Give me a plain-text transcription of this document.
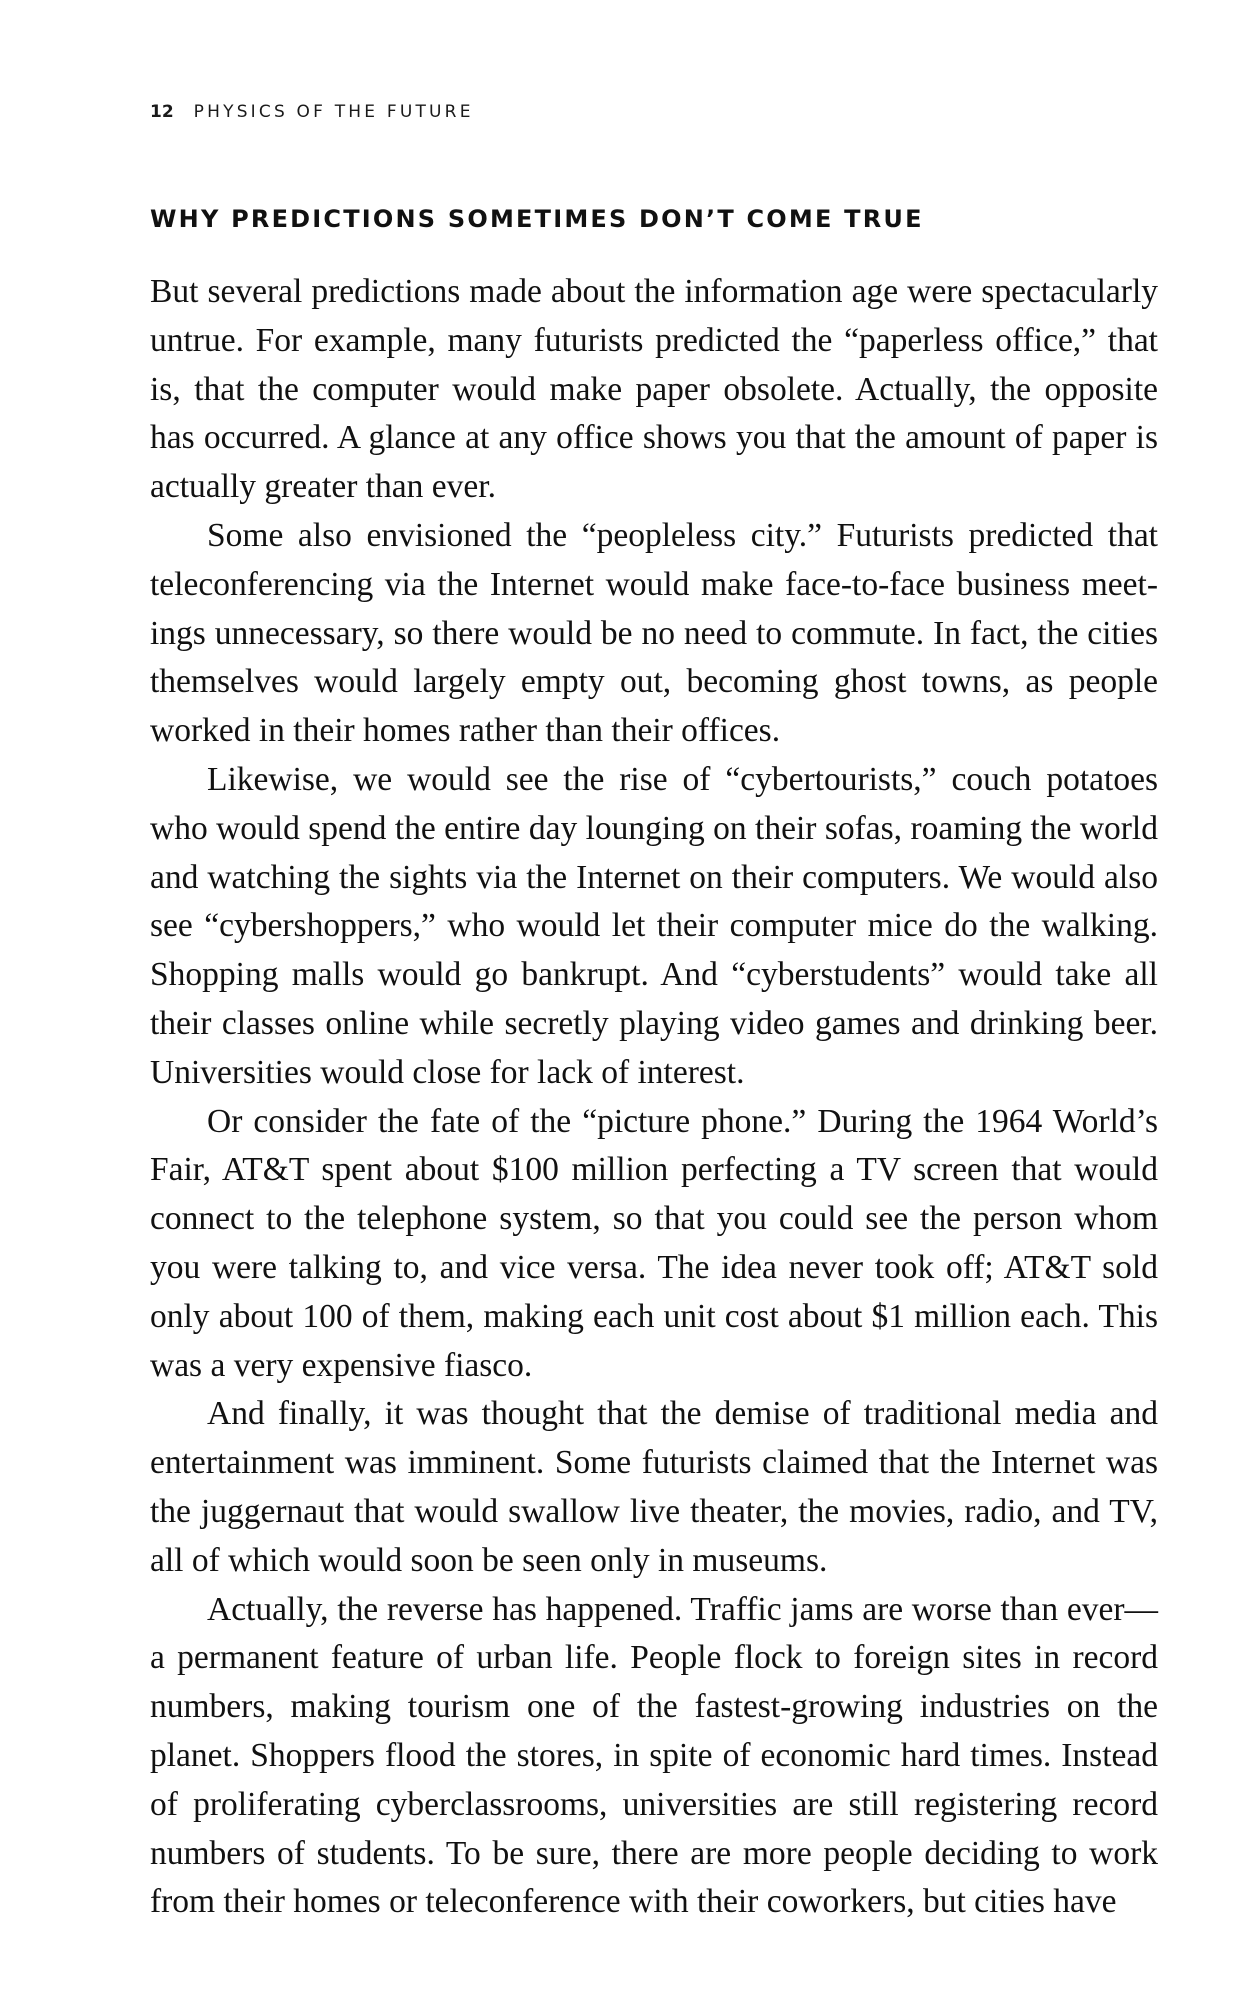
12 PHYSICS OF THE FUTURE
WHY PREDICTIONS SOMETIMES DON’T COME TRUE

But several predictions made about the information age were spectacularly untrue. For example, many futurists predicted the “paperless office,” that is, that the computer would make paper obsolete. Actually, the opposite has occurred. A glance at any office shows you that the amount of paper is actually greater than ever.

Some also envisioned the “peopleless city.” Futurists predicted that teleconferencing via the Internet would make face-to-face business meetings unnecessary, so there would be no need to commute. In fact, the cities themselves would largely empty out, becoming ghost towns, as people worked in their homes rather than their offices.

Likewise, we would see the rise of “cybertourists,” couch potatoes who would spend the entire day lounging on their sofas, roaming the world and watching the sights via the Internet on their computers. We would also see “cybershoppers,” who would let their computer mice do the walking. Shopping malls would go bankrupt. And “cyberstudents” would take all their classes online while secretly playing video games and drinking beer. Universities would close for lack of interest.

Or consider the fate of the “picture phone.” During the 1964 World’s Fair, AT&T spent about $100 million perfecting a TV screen that would connect to the telephone system, so that you could see the person whom you were talking to, and vice versa. The idea never took off; AT&T sold only about 100 of them, making each unit cost about $1 million each. This was a very expensive fiasco.

And finally, it was thought that the demise of traditional media and entertainment was imminent. Some futurists claimed that the Internet was the juggernaut that would swallow live theater, the movies, radio, and TV, all of which would soon be seen only in museums.

Actually, the reverse has happened. Traffic jams are worse than ever— a permanent feature of urban life. People flock to foreign sites in record numbers, making tourism one of the fastest-growing industries on the planet. Shoppers flood the stores, in spite of economic hard times. Instead of proliferating cyberclassrooms, universities are still registering record numbers of students. To be sure, there are more people deciding to work from their homes or teleconference with their coworkers, but cities have
